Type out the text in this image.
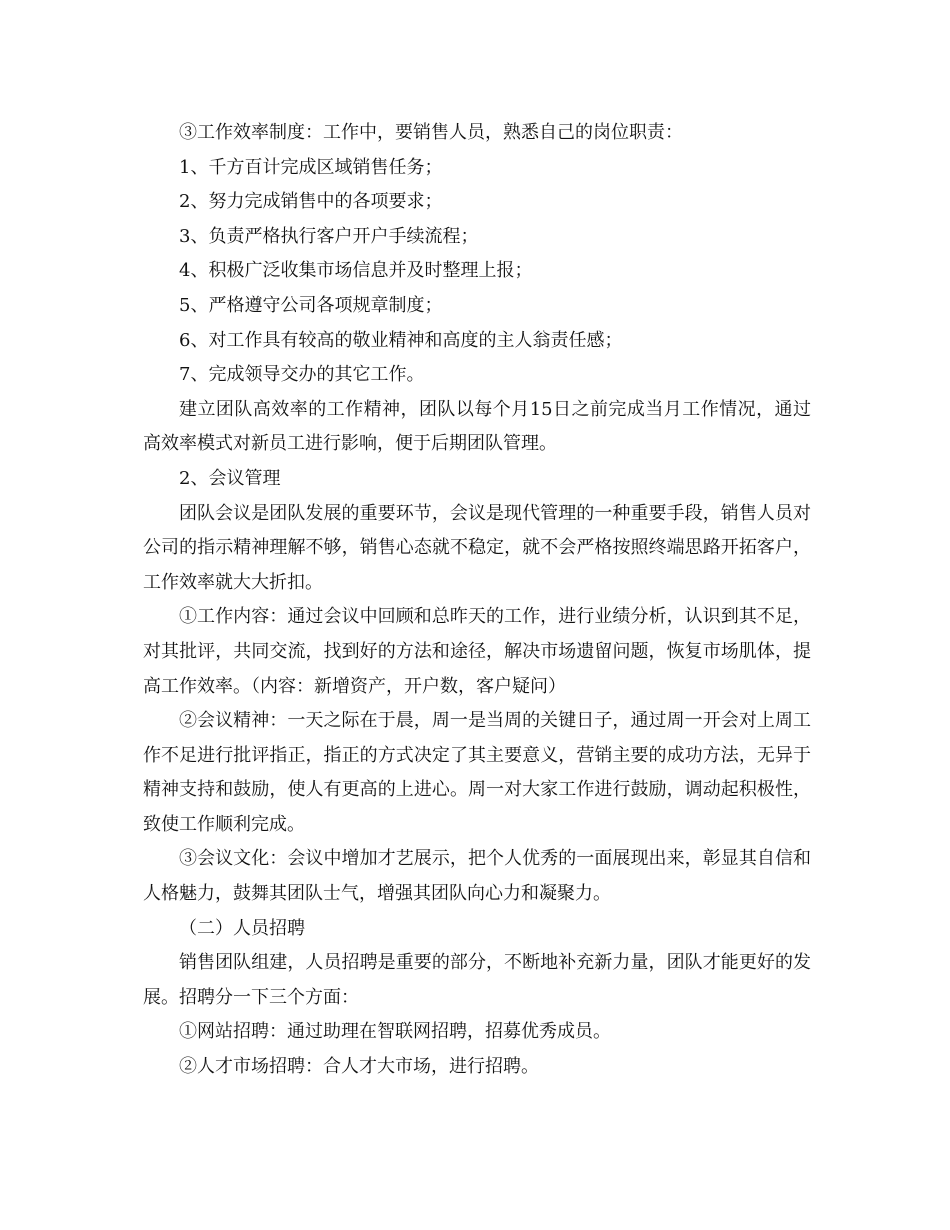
③工作效率制度：工作中，要销售人员，熟悉自己的岗位职责：

1、千方百计完成区域销售任务；

2、努力完成销售中的各项要求；

3、负责严格执行客户开户手续流程；

4、积极广泛收集市场信息并及时整理上报；

5、严格遵守公司各项规章制度；

6、对工作具有较高的敬业精神和高度的主人翁责任感；

7、完成领导交办的其它工作。

建立团队高效率的工作精神，团队以每个月15日之前完成当月工作情况，通过高效率模式对新员工进行影响，便于后期团队管理。

2、会议管理

团队会议是团队发展的重要环节，会议是现代管理的一种重要手段，销售人员对公司的指示精神理解不够，销售心态就不稳定，就不会严格按照终端思路开拓客户，工作效率就大大折扣。

①工作内容：通过会议中回顾和总昨天的工作，进行业绩分析，认识到其不足，对其批评，共同交流，找到好的方法和途径，解决市场遗留问题，恢复市场肌体，提高工作效率。（内容：新增资产，开户数，客户疑问）

②会议精神：一天之际在于晨，周一是当周的关键日子，通过周一开会对上周工作不足进行批评指正，指正的方式决定了其主要意义，营销主要的成功方法，无异于精神支持和鼓励，使人有更高的上进心。周一对大家工作进行鼓励，调动起积极性，致使工作顺利完成。

③会议文化：会议中增加才艺展示，把个人优秀的一面展现出来，彰显其自信和人格魅力，鼓舞其团队士气，增强其团队向心力和凝聚力。

（二）人员招聘

销售团队组建，人员招聘是重要的部分，不断地补充新力量，团队才能更好的发展。招聘分一下三个方面：

①网站招聘：通过助理在智联网招聘，招募优秀成员。

②人才市场招聘：合人才大市场，进行招聘。
